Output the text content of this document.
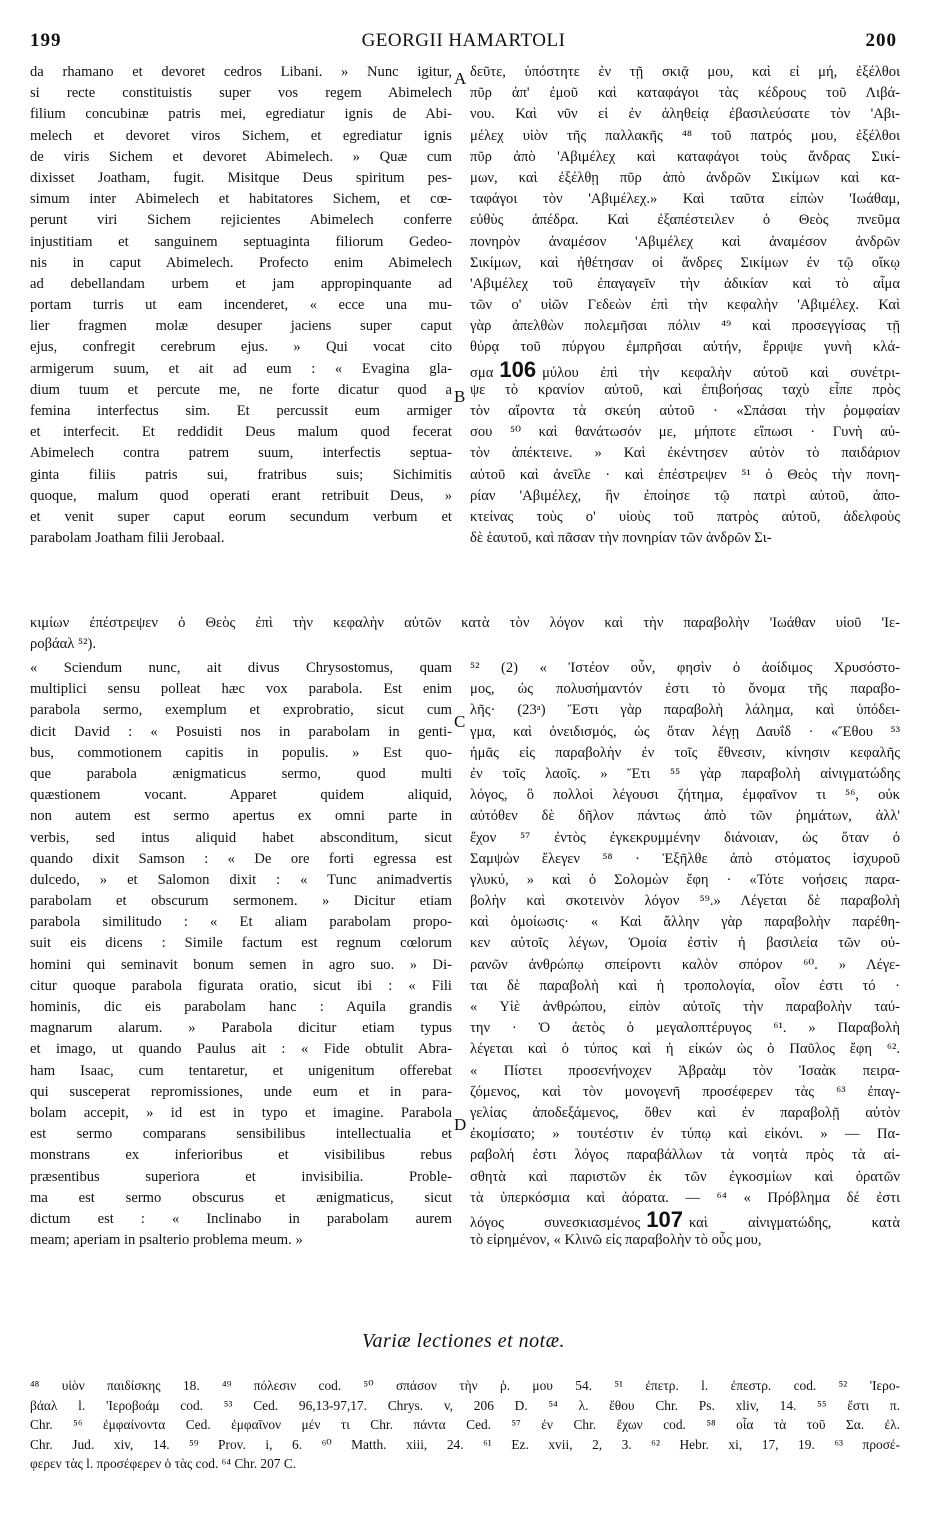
GEORGII HAMARTOLI
199	200
da rhamano et devoret cedros Libani. » Nunc igitur,
si recte constituistis super vos regem Abimelech
filium concubinæ patris mei, egrediatur ignis de Abi-
melech et devoret viros Sichem, et egrediatur ignis
de viris Sichem et devoret Abimelech. » Quæ cum
dixisset Joatham, fugit. Misitque Deus spiritum pes-
simum inter Abimelech et habitatores Sichem, et cœ-
perunt viri Sichem rejicientes Abimelech conferre
injustitiam et sanguinem septuaginta filiorum Gedeo-
nis in caput Abimelech. Profecto enim Abimelech
ad debellandam urbem et jam appropinquante ad
portam turris ut eam incenderet, « ecce una mu-
lier fragmen molæ desuper jaciens super caput
ejus, confregit cerebrum ejus. » Qui vocat cito
armigerum suum, et ait ad eum : « Evagina gla-
dium tuum et percute me, ne forte dicatur quod a
femina interfectus sim. Et percussit eum armiger
et interfecit. Et reddidit Deus malum quod fecerat
Abimelech contra patrem suum, interfectis septua-
ginta filiis patris sui, fratribus suis; Sichimitis
quoque, malum quod operati erant retribuit Deus, »
et venit super caput eorum secundum verbum et
parabolam Joatham filii Jerobaal.
δεῦτε, ὑπόστητε ἐν τῇ σκιᾷ μου, καὶ εἰ μή, ἐξέλθοι
πῦρ ἀπ' ἐμοῦ καὶ καταφάγοι τὰς κέδρους τοῦ Λιβά-
νου. Καὶ νῦν εἰ ἐν ἀληθείᾳ ἐβασιλεύσατε τὸν 'Αβι-
μέλεχ υἱὸν τῆς παλλακῆς ⁴⁸ τοῦ πατρός μου, ἐξέλθοι
πῦρ ἀπὸ 'Αβιμέλεχ καὶ καταφάγοι τοὺς ἄνδρας Σικί-
μων, καὶ ἐξέλθῃ πῦρ ἀπὸ ἀνδρῶν Σικίμων καὶ κα-
ταφάγοι τὸν 'Αβιμέλεχ.» Καὶ ταῦτα εἰπὼν 'Ιωάθαμ,
εὐθὺς ἀπέδρα. Καὶ ἐξαπέστειλεν ὁ Θεὸς πνεῦμα
πονηρὸν ἀναμέσον 'Αβιμέλεχ καὶ ἀναμέσον ἀνδρῶν
Σικίμων, καὶ ἠθέτησαν οἱ ἄνδρες Σικίμων ἐν τῷ οἴκῳ
'Αβιμέλεχ τοῦ ἐπαγαγεῖν τὴν ἀδικίαν καὶ τὸ αἷμα
τῶν ο' υἱῶν Γεδεὼν ἐπὶ τὴν κεφαλὴν 'Αβιμέλεχ. Καὶ
γὰρ ἀπελθὼν πολεμῆσαι πόλιν ⁴⁹ καὶ προσεγγίσας τῇ
θύρᾳ τοῦ πύργου ἐμπρῆσαι αὐτήν, ἔρριψε γυνὴ κλά-
σμα 106 μύλου ἐπὶ τὴν κεφαλὴν αὐτοῦ καὶ συνέτρι-
ψε τὸ κρανίον αὐτοῦ, καὶ ἐπιβοήσας ταχὺ εἶπε πρὸς
τὸν αἴροντα τὰ σκεύη αὐτοῦ · «Σπάσαι τὴν ῥομφαίαν
σου ⁵⁰ καὶ θανάτωσόν με, μήποτε εἴπωσι · Γυνὴ αὐ-
τὸν ἀπέκτεινε. » Καὶ ἐκέντησεν αὐτὸν τὸ παιδάριον
αὐτοῦ καὶ ἀνεῖλε · καὶ ἐπέστρεψεν ⁵¹ ὁ Θεὸς τὴν πονη-
ρίαν 'Αβιμέλεχ, ἣν ἐποίησε τῷ πατρὶ αὐτοῦ, ἀπο-
κτείνας τοὺς ο' υἱοὺς τοῦ πατρὸς αὐτοῦ, ἀδελφοὺς
δὲ ἑαυτοῦ, καὶ πᾶσαν τὴν πονηρίαν τῶν ἀνδρῶν Σι-
A
B
C
D
κιμίων ἐπέστρεψεν ὁ Θεὸς ἐπὶ τὴν κεφαλὴν αὐτῶν κατὰ τὸν λόγον καὶ τὴν παραβολὴν 'Ιωάθαν υἱοῦ 'Ιε-
ροβάαλ ⁵²).
« Sciendum nunc, ait divus Chrysostomus, quam
multiplici sensu polleat hæc vox parabola. Est enim
parabola sermo, exemplum et exprobratio, sicut cum
dicit David : « Posuisti nos in parabolam in genti-
bus, commotionem capitis in populis. » Est quo-
que parabola ænigmaticus sermo, quod multi
quæstionem vocant. Apparet quidem aliquid,
non autem est sermo apertus ex omni parte in
verbis, sed intus aliquid habet absconditum, sicut
quando dixit Samson : « De ore forti egressa est
dulcedo, » et Salomon dixit : « Tunc animadvertis
parabolam et obscurum sermonem. » Dicitur etiam
parabola similitudo : « Et aliam parabolam propo-
suit eis dicens : Simile factum est regnum cœlorum
homini qui seminavit bonum semen in agro suo. » Di-
citur quoque parabola figurata oratio, sicut ibi : « Fili
hominis, dic eis parabolam hanc : Aquila grandis
magnarum alarum. » Parabola dicitur etiam typus
et imago, ut quando Paulus ait : « Fide obtulit Abra-
ham Isaac, cum tentaretur, et unigenitum offerebat
qui susceperat repromissiones, unde eum et in para-
bolam accepit, » id est in typo et imagine. Parabola
est sermo comparans sensibilibus intellectualia et
monstrans ex inferioribus et visibilibus rebus
præsentibus superiora et invisibilia. Proble-
ma est sermo obscurus et ænigmaticus, sicut
dictum est : « Inclinabo in parabolam aurem
meam; aperiam in psalterio problema meum. »
⁵² (2) « Ἰστέον οὖν, φησὶν ὁ ἀοίδιμος Χρυσόστο-
μος, ὡς πολυσήμαντόν ἐστι τὸ ὄνομα τῆς παραβο-
λῆς· (23ᵃ) Ἔστι γὰρ παραβολὴ λάλημα, καὶ ὑπόδει-
γμα, καὶ ὀνειδισμός, ὡς ὅταν λέγῃ Δαυΐδ · «Ἔθου ⁵³
ἡμᾶς εἰς παραβολὴν ἐν τοῖς ἔθνεσιν, κίνησιν κεφαλῆς
ἐν τοῖς λαοῖς. » Ἔτι ⁵⁵ γὰρ παραβολὴ αἰνιγματώδης
λόγος, ὃ πολλοὶ λέγουσι ζήτημα, ἐμφαῖνον τι ⁵⁶, οὐκ
αὐτόθεν δὲ δῆλον πάντως ἀπὸ τῶν ῥημάτων, ἀλλ'
ἔχον ⁵⁷ ἐντὸς ἐγκεκρυμμένην διάνοιαν, ὡς ὅταν ὁ
Σαμψὼν ἔλεγεν ⁵⁸ · Ἐξῆλθε ἀπὸ στόματος ἰσχυροῦ
γλυκύ, » καὶ ὁ Σολομὼν ἔφη · «Τότε νοήσεις παρα-
βολὴν καὶ σκοτεινὸν λόγον ⁵⁹.» Λέγεται δὲ παραβολὴ
καὶ ὁμοίωσις· « Καὶ ἄλλην γὰρ παραβολὴν παρέθη-
κεν αὐτοῖς λέγων, Ὁμοία ἐστὶν ἡ βασιλεία τῶν οὐ-
ρανῶν ἀνθρώπῳ σπείροντι καλὸν σπόρον ⁶⁰. » Λέγε-
ται δὲ παραβολὴ καὶ ἡ τροπολογία, οἷον ἐστι τό ·
« Υἱὲ ἀνθρώπου, εἰπὸν αὐτοῖς τὴν παραβολὴν ταύ-
την · Ὁ ἀετὸς ὁ μεγαλοπτέρυγος ⁶¹. » Παραβολὴ
λέγεται καὶ ὁ τύπος καὶ ἡ εἰκών ὡς ὁ Παῦλος ἔφη ⁶².
« Πίστει προσενήνοχεν Ἀβραὰμ τὸν Ἰσαὰκ πειρα-
ζόμενος, καὶ τὸν μονογενῆ προσέφερεν τὰς ⁶³ ἐπαγ-
γελίας ἀποδεξάμενος, ὅθεν καὶ ἐν παραβολῇ αὐτὸν
ἐκομίσατο; » τουτέστιν ἐν τύπῳ καὶ εἰκόνι. » — Πα-
ραβολή ἐστι λόγος παραβάλλων τὰ νοητὰ πρὸς τὰ αἰ-
σθητὰ καὶ παριστῶν ἐκ τῶν ἐγκοσμίων καὶ ὁρατῶν
τὰ ὑπερκόσμια καὶ ἀόρατα. — ⁶⁴ « Πρόβλημα δέ ἐστι
λόγος συνεσκιασμένος 107 καὶ αἰνιγματώδης, κατὰ
τὸ εἰρημένον, « Κλινῶ εἰς παραβολὴν τὸ οὖς μου,
Variæ lectiones et notæ.
⁴⁸ υἱὸν παιδίσκης 18. ⁴⁹ πόλεσιν cod. ⁵⁰ σπάσον τὴν ῥ. μου 54. ⁵¹ ἐπετρ. l. ἐπεστρ. cod. ⁵² 'Ιερο-
βάαλ l. 'Ιεροβοάμ cod. ⁵³ Ced. 96,13-97,17. Chrys. v, 206 D. ⁵⁴ λ. ἔθου Chr. Ps. xliv, 14. ⁵⁵ ἔστι π.
Chr. ⁵⁶ ἐμφαίνοντα Ced. ἐμφαῖνον μέν τι Chr. πάντα Ced. ⁵⁷ ἐν Chr. ἔχων cod. ⁵⁸ οἷα τὰ τοῦ Σα. ἐλ.
Chr. Jud. xiv, 14. ⁵⁹ Prov. i, 6. ⁶⁰ Matth. xiii, 24. ⁶¹ Ez. xvii, 2, 3. ⁶² Hebr. xi, 17, 19. ⁶³ προσέ-
φερεν τὰς l. προσέφερεν ὁ τὰς cod. ⁶⁴ Chr. 207 C.
